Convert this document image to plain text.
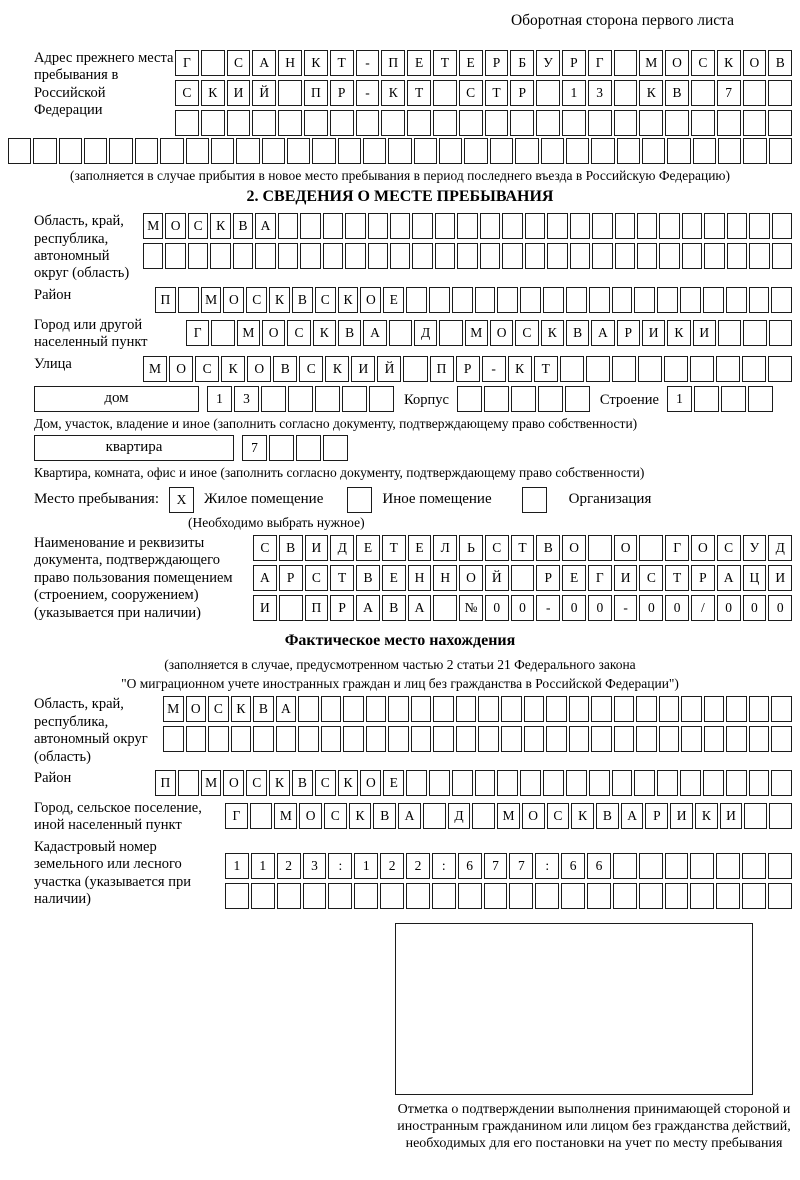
Оборотная сторона первого листа
Адрес прежнего места пребывания в Российской Федерации
Г	С	А	Н	К	Т	-	П	Е	Т	Е	Р	Б	У	Р	Г	М	О	С	К	О	В
С	К	И	Й	П	Р	-	К	Т	С	Т	Р	1	3	К	В	7
(заполняется в случае прибытия в новое место пребывания в период последнего въезда в Российскую Федерацию)
2. СВЕДЕНИЯ О МЕСТЕ ПРЕБЫВАНИЯ
Область, край, республика, автономный округ (область)
М О С К В А
Район	П	М О С	К	В	С	К О	Е
Город или другой населенный пункт
Г	М	О	С	К	В	А	Д	М	О	С	К	В	А	Р	И	К	И
Улица	М	О	С	К	О	В	С	К	И	Й	П	Р	-	К	Т
дом	1	3	Корпус	Строение	1
Дом, участок, владение и иное (заполнить согласно документу, подтверждающему право собственности)
квартира	7
Квартира, комната, офис и иное (заполнить согласно документу, подтверждающему право собственности)
Место пребывания:	X	Жилое помещение	Иное помещение	Организация
(Необходимо выбрать нужное)
Наименование и реквизиты документа, подтверждающего право пользования помещением (строением, сооружением) (указывается при наличии)
С	В	И	Д	Е	Т	Е	Л	Ь	С	Т	В	О	О	Г	О	С	У	Д
А	Р	С	Т	В	Е	Н	Н	О	Й	Р	Е	Г	И	С	Т	Р	А	Ц	И
И	П	Р	А	В	А	№	0	0	-	0	0	-	0	0	/	0	0	0
Фактическое место нахождения
(заполняется в случае, предусмотренном частью 2 статьи 21 Федерального закона
"О миграционном учете иностранных граждан и лиц без гражданства в Российской Федерации")
Область, край, республика, автономный округ (область)
М О С	К	В А
Район	П	М О С	К	В	С	К О	Е
Город, сельское поселение, иной населенный пункт
Г	М	О	С	К	В	А	Д	М	О	С	К	В	А	Р	И	К	И
Кадастровый номер земельного или лесного участка (указывается при наличии)
1	1	2	3	:	1	2	2	:	6	7	7	:	6	6
Отметка о подтверждении выполнения принимающей стороной и иностранным гражданином или лицом без гражданства действий, необходимых для его постановки на учет по месту пребывания
